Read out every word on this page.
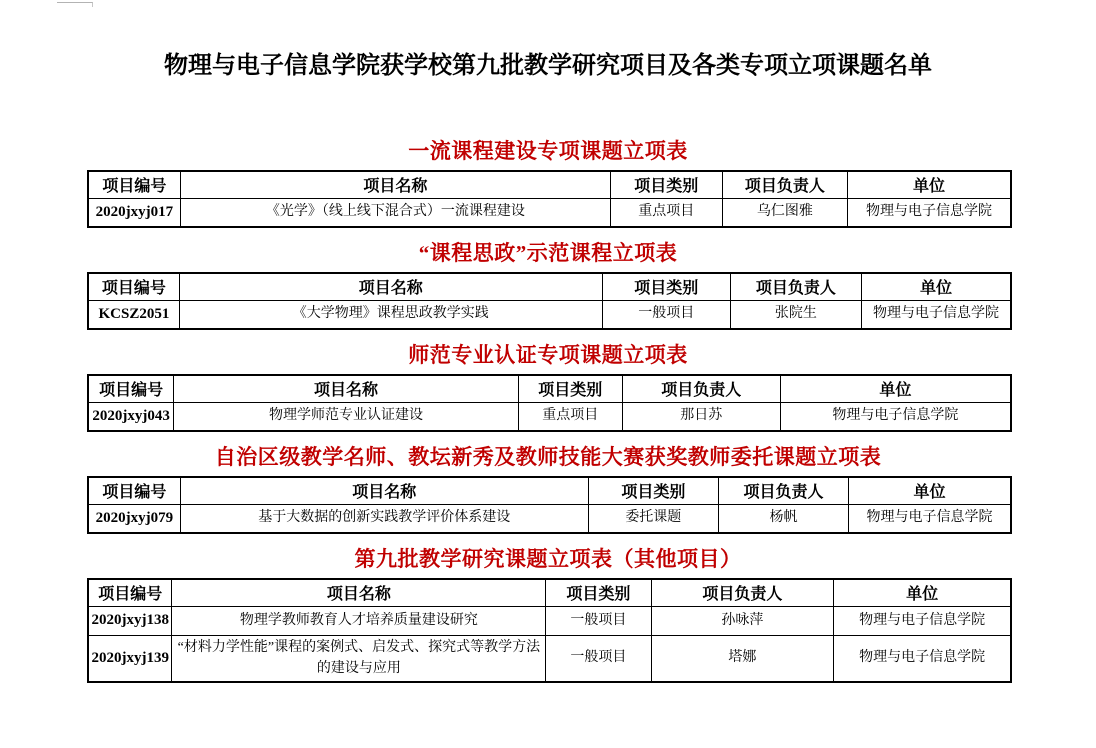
物理与电子信息学院获学校第九批教学研究项目及各类专项立项课题名单
一流课程建设专项课题立项表
项目编号	项目名称	项目类别	项目负责人	单位
2020jxyj017	《光学》（线上线下混合式）一流课程建设	重点项目	乌仁图雅	物理与电子信息学院
“课程思政”示范课程立项表
项目编号	项目名称	项目类别	项目负责人	单位
KCSZ2051	《大学物理》课程思政教学实践	一般项目	张院生	物理与电子信息学院
师范专业认证专项课题立项表
项目编号	项目名称	项目类别	项目负责人	单位
2020jxyj043	物理学师范专业认证建设	重点项目	那日苏	物理与电子信息学院
自治区级教学名师、教坛新秀及教师技能大赛获奖教师委托课题立项表
项目编号	项目名称	项目类别	项目负责人	单位
2020jxyj079	基于大数据的创新实践教学评价体系建设	委托课题	杨帆	物理与电子信息学院
第九批教学研究课题立项表（其他项目）
项目编号	项目名称	项目类别	项目负责人	单位
2020jxyj138	物理学教师教育人才培养质量建设研究	一般项目	孙咏萍	物理与电子信息学院
2020jxyj139	“材料力学性能”课程的案例式、启发式、探究式等教学方法的建设与应用	一般项目	塔娜	物理与电子信息学院
